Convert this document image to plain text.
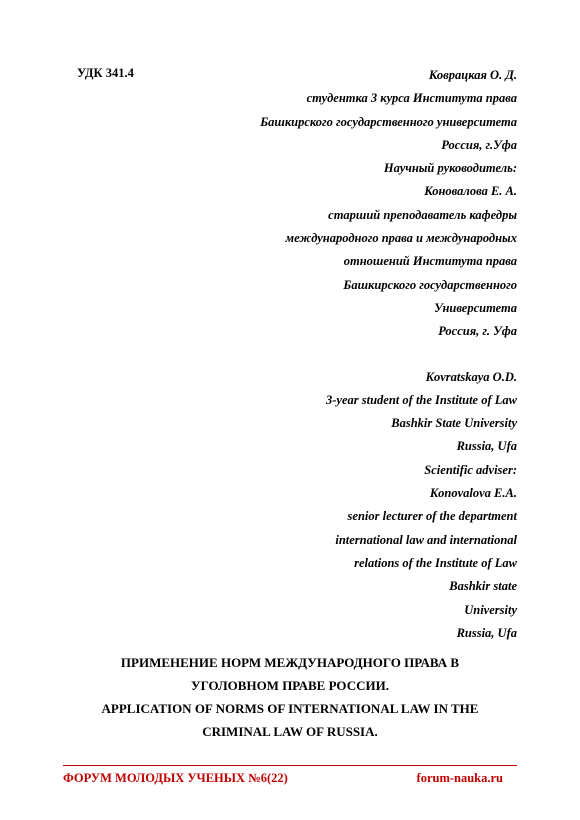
УДК 341.4	Коврацкая О. Д.
студентка 3 курса Института права
Башкирского государственного университета
Россия, г.Уфа
Научный руководитель:
Коновалова Е. А.
старший преподаватель кафедры
международного права и международных
отношений Института права
Башкирского государственного
Университета
Россия, г. Уфа
Kovratskaya O.D.
3-year student of the Institute of Law
Bashkir State University
Russia, Ufa
Scientific adviser:
Konovalova E.A.
senior lecturer of the department
international law and international
relations of the Institute of Law
Bashkir state
University
Russia, Ufa
ПРИМЕНЕНИЕ НОРМ МЕЖДУНАРОДНОГО ПРАВА В
УГОЛОВНОМ ПРАВЕ РОССИИ.
APPLICATION OF NORMS OF INTERNATIONAL LAW IN THE
CRIMINAL LAW OF RUSSIA.
ФОРУМ МОЛОДЫХ УЧЕНЫХ №6(22)	forum-nauka.ru
